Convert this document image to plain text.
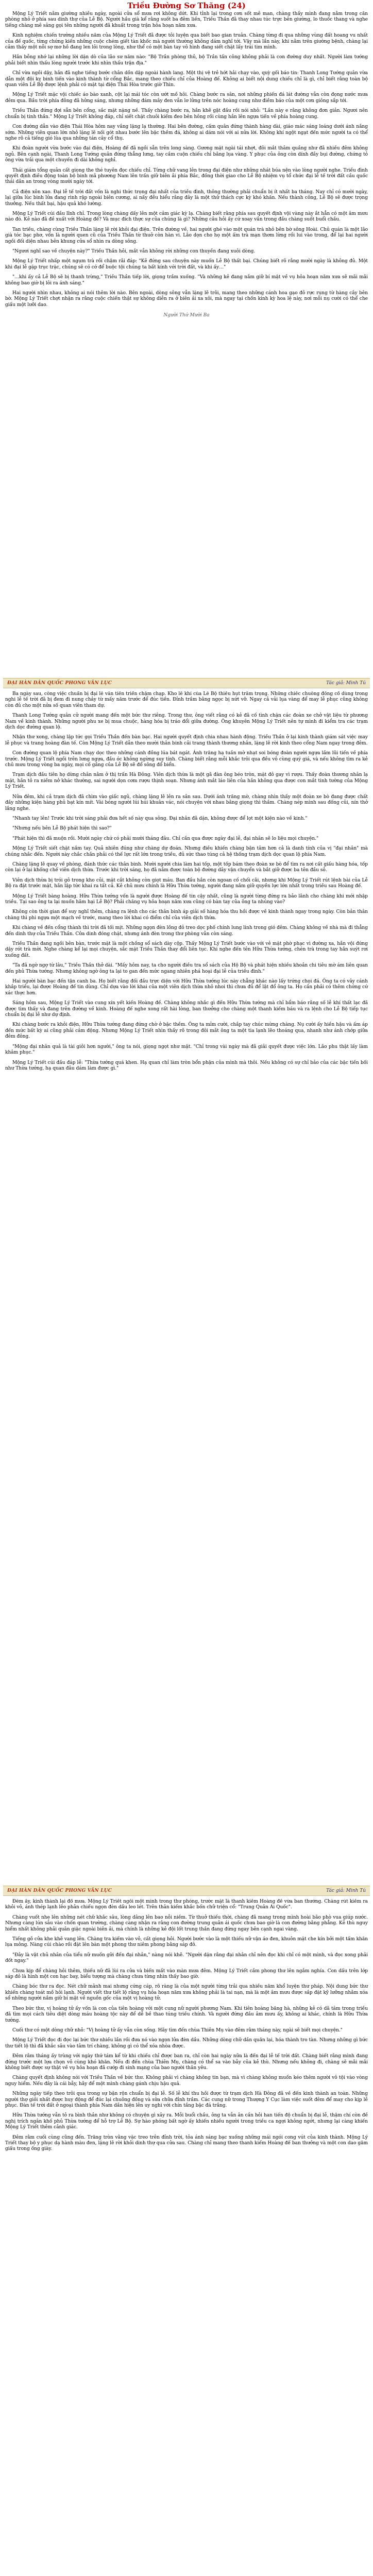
Triều Đường Sơ Thăng (24)

Mộng Lý Triết nằm giường nhiều ngày, ngoài cửa sổ mưa rơi không dứt. Khi tỉnh lại trong cơn sốt mê man, chàng thấy mình đang nằm trong căn phòng nhỏ ở phía sau dinh thự của Lễ Bộ. Người hầu già kể rằng suốt ba đêm liền, Triều Thần đã thay nhau túc trực bên giường, lo thuốc thang và nghe tiếng chàng mê sảng gọi tên những người đã khuất trong trận hỏa hoạn năm xưa.

Kinh nghiệm chiến trường nhiều năm của Mộng Lý Triết đã được tôi luyện qua biết bao gian truân. Chàng từng đi qua những vùng đất hoang vu nhất của đế quốc, từng chứng kiến những cuộc chém giết tàn khốc mà người thường không dám nghĩ tới. Vậy mà lần này, khi nằm trên giường bệnh, chàng lại cảm thấy một nỗi sợ mơ hồ đang len lỏi trong lòng, như thể có một bàn tay vô hình đang siết chặt lấy trái tim mình.

Hắn bỗng nhớ lại những lời dặn dò của lão sư năm nào: "Bộ Trần phòng thủ, bộ Trần tấn công không phải là con đường duy nhất. Người làm tướng phải biết nhìn thấu lòng người trước khi nhìn thấu trận địa."

Chỉ vừa ngồi dậy, hắn đã nghe tiếng bước chân dồn dập ngoài hành lang. Một thị vệ trẻ hớt hải chạy vào, quỳ gối báo tin: Thanh Long Tướng quân vừa dẫn một đội kỵ binh tiến vào kinh thành từ cổng Bắc, mang theo chiếu chỉ của Hoàng đế. Không ai biết nội dung chiếu chỉ là gì, chỉ biết rằng toàn bộ quan viên Lễ Bộ được lệnh phải có mặt tại điện Thái Hòa trước giờ Thìn.

Mộng Lý Triết mặc vội chiếc áo bào xanh, cột lại mái tóc còn ướt mồ hôi. Chàng bước ra sân, nơi những phiến đá lát đường vẫn còn đọng nước mưa đêm qua. Bầu trời phía đông đã hửng sáng, nhưng những đám mây đen vẫn lơ lửng trên nóc hoàng cung như điềm báo của một cơn giông sắp tới.

Triều Thần đứng đợi sẵn bên cổng, sắc mặt nặng nề. Thấy chàng bước ra, hắn khẽ gật đầu rồi nói nhỏ: "Lần này e rằng không đơn giản. Ngươi nên chuẩn bị tinh thần." Mộng Lý Triết không đáp, chỉ siết chặt chuôi kiếm đeo bên hông rồi cùng hắn lên ngựa tiến về phía hoàng cung.

Con đường dẫn vào điện Thái Hòa hôm nay vắng lặng lạ thường. Hai bên đường, cấm quân đứng thành hàng dài, giáo mác sáng loáng dưới ánh nắng sớm. Những viên quan lớn nhỏ lặng lẽ nối gót nhau bước lên bậc thềm đá, không ai dám nói với ai nửa lời. Không khí ngột ngạt đến mức người ta có thể nghe rõ cả tiếng gió lùa qua những tán cây cổ thụ.

Khi đoàn người vừa bước vào đại điện, Hoàng đế đã ngồi sẵn trên long sàng. Gương mặt ngài tái nhợt, đôi mắt thâm quầng như đã nhiều đêm không ngủ. Bên cạnh ngài, Thanh Long Tướng quân đứng thẳng lưng, tay cầm cuộn chiếu chỉ bằng lụa vàng. Y phục của ông còn dính đầy bụi đường, chứng tỏ ông vừa trải qua một chuyến đi dài không nghỉ.

Thái giám tổng quản cất giọng the thé tuyên đọc chiếu chỉ. Từng chữ vang lên trong đại điện như những nhát búa nện vào lòng người nghe. Triều đình quyết định điều động toàn bộ binh mã phương Nam lên trấn giữ biên ải phía Bắc, đồng thời giao cho Lễ Bộ nhiệm vụ tổ chức đại lễ tế trời đất cầu quốc thái dân an trong vòng mười ngày tới.

Cả điện xôn xao. Đại lễ tế trời đất vốn là nghi thức trọng đại nhất của triều đình, thông thường phải chuẩn bị ít nhất ba tháng. Nay chỉ có mười ngày, lại giữa lúc binh lửa đang rình rập ngoài biên cương, ai nấy đều hiểu rằng đây là một thử thách cực kỳ khó khăn. Nếu thành công, Lễ Bộ sẽ được trọng thưởng. Nếu thất bại, hậu quả khó lường.

Mộng Lý Triết cúi đầu lĩnh chỉ. Trong lòng chàng dấy lên một cảm giác kỳ lạ. Chàng biết rằng phía sau quyết định vội vàng này ắt hẳn có một âm mưu nào đó. Kẻ nào đã đề xuất với Hoàng đế? Và mục đích thực sự của chúng là gì? Những câu hỏi ấy cứ xoay vần trong đầu chàng suốt buổi chầu.

Tan triều, chàng cùng Triều Thần lặng lẽ rời khỏi đại điện. Trên đường về, hai người ghé vào một quán trà nhỏ bên bờ sông Hoài. Chủ quán là một lão già tóc bạc phơ, vốn là người quen cũ của Triều Thần từ thuở còn hàn vi. Lão dọn cho họ một ấm trà mạn thơm lừng rồi lui vào trong, để lại hai người ngồi đối diện nhau bên khung cửa sổ nhìn ra dòng sông.

"Ngươi nghĩ sao về chuyện này?" Triều Thần hỏi, mắt vẫn không rời những con thuyền đang xuôi dòng.

Mộng Lý Triết nhấp một ngụm trà rồi chậm rãi đáp: "Kẻ đứng sau chuyện này muốn Lễ Bộ thất bại. Chúng biết rõ rằng mười ngày là không đủ. Một khi đại lễ gặp trục trặc, chúng sẽ có cớ để buộc tội chúng ta bất kính với trời đất, và khi ấy…"

"…khi ấy cả Lễ Bộ sẽ bị thanh trừng," Triều Thần tiếp lời, giọng trầm xuống. "Và những kẻ đang nắm giữ bí mật về vụ hỏa hoạn năm xưa sẽ mãi mãi không bao giờ bị lôi ra ánh sáng."

Hai người nhìn nhau, không ai nói thêm lời nào. Bên ngoài, dòng sông vẫn lặng lẽ trôi, mang theo những cánh hoa gạo đỏ rực rụng từ hàng cây bên bờ. Mộng Lý Triết chợt nhận ra rằng cuộc chiến thật sự không diễn ra ở biên ải xa xôi, mà ngay tại chốn kinh kỳ hoa lệ này, nơi mỗi nụ cười có thể che giấu một lưỡi dao.

Người Thứ Mười Ba
ĐẠI HÀN DÂN QUỐC PHONG VÂN LỤC	Tác giả: Minh Tú

Ba ngày sau, công việc chuẩn bị đại lễ vẫn tiến triển chậm chạp. Kho lễ khí của Lễ Bộ thiếu hụt trầm trọng. Những chiếc chuông đồng cổ dùng trong nghi lễ tế trời đã bị đem đi nung chảy từ mấy năm trước để đúc tiền. Đỉnh trầm bằng ngọc bị nứt vỡ. Ngay cả vải lụa vàng để may lễ phục cũng không còn đủ cho một nửa số quan viên tham dự.

Thanh Long Tướng quân cử người mang đến một bức thư riêng. Trong thư, ông viết rằng có kẻ đã cố tình chặn các đoàn xe chở vật liệu từ phương Nam về kinh thành. Những người phu xe bị mua chuộc, hàng hóa bị tráo đổi giữa đường. Ông khuyên Mộng Lý Triết nên tự mình đi kiểm tra các trạm dịch dọc đường quan lộ.

Nhận thư xong, chàng lập tức gọi Triều Thần đến bàn bạc. Hai người quyết định chia nhau hành động. Triều Thần ở lại kinh thành giám sát việc may lễ phục và trang hoàng đàn tế. Còn Mộng Lý Triết dẫn theo mười thân binh cải trang thành thương nhân, lặng lẽ rời kinh theo cổng Nam ngay trong đêm.

Con đường quan lộ phía Nam chạy dọc theo những cánh đồng lúa bát ngát. Ánh trăng hạ tuần mờ nhạt soi bóng đoàn người ngựa lầm lũi tiến về phía trước. Mộng Lý Triết ngồi trên lưng ngựa, đầu óc không ngừng suy tính. Chàng biết rằng mỗi khắc trôi qua đều vô cùng quý giá, và nếu không tìm ra kẻ chủ mưu trong vòng ba ngày, mọi cố gắng của Lễ Bộ sẽ đổ sông đổ biển.

Trạm dịch đầu tiên họ dừng chân nằm ở thị trấn Hà Đông. Viên dịch thừa là một gã đàn ông béo tròn, mặt đỏ gay vì rượu. Thấy đoàn thương nhân lạ mặt, hắn tỏ ra niềm nở khác thường, sai người dọn cơm rượu thịnh soạn. Nhưng ánh mắt láo liên của hắn không qua được con mắt tinh tường của Mộng Lý Triết.

Nửa đêm, khi cả trạm dịch đã chìm vào giấc ngủ, chàng lặng lẽ lẻn ra sân sau. Dưới ánh trăng mờ, chàng nhìn thấy một đoàn xe bò đang được chất đầy những kiện hàng phủ bạt kín mít. Vài bóng người lúi húi khuân vác, nói chuyện với nhau bằng giọng thì thầm. Chàng nép mình sau đống củi, nín thở lắng nghe.

"Nhanh tay lên! Trước khi trời sáng phải đưa hết số này qua sông. Đại nhân đã dặn, không được để lọt một kiện nào về kinh."

"Nhưng nếu bên Lễ Bộ phát hiện thì sao?"

"Phát hiện thì đã muộn rồi. Mười ngày chứ có phải mười tháng đâu. Chỉ cần qua được ngày đại lễ, đại nhân sẽ lo liệu mọi chuyện."

Mộng Lý Triết siết chặt nắm tay. Quả nhiên đúng như chàng dự đoán. Nhưng điều khiến chàng bận tâm hơn cả là danh tính của vị "đại nhân" mà chúng nhắc đến. Người này chắc chắn phải có thế lực rất lớn trong triều, đủ sức thao túng cả hệ thống trạm dịch dọc quan lộ phía Nam.

Chàng lặng lẽ quay về phòng, đánh thức các thân binh. Mười người chia làm hai tốp, một tốp bám theo đoàn xe bò để tìm ra nơi cất giấu hàng hóa, tốp còn lại ở lại khống chế viên dịch thừa. Trước khi trời sáng, họ đã nắm được toàn bộ đường dây vận chuyển và bắt giữ được ba tên đầu sỏ.

Viên dịch thừa bị trói gô trong kho củi, mặt cắt không còn giọt máu. Ban đầu hắn còn ngoan cố chối cãi, nhưng khi Mộng Lý Triết rút lệnh bài của Lễ Bộ ra đặt trước mặt, hắn lập tức khai ra tất cả. Kẻ chủ mưu chính là Hữu Thừa tướng, người đang nắm giữ quyền lực lớn nhất trong triều sau Hoàng đế.

Mộng Lý Triết bàng hoàng. Hữu Thừa tướng vốn là người được Hoàng đế tin cậy nhất, cũng là người từng đứng ra bảo lãnh cho chàng khi mới nhập triều. Tại sao ông ta lại muốn hãm hại Lễ Bộ? Phải chăng vụ hỏa hoạn năm xưa cũng có bàn tay của ông ta nhúng vào?

Không còn thời gian để suy nghĩ thêm, chàng ra lệnh cho các thân binh áp giải số hàng hóa thu hồi được về kinh thành ngay trong ngày. Còn bản thân chàng thì phi ngựa một mạch về trước, mang theo lời khai có điểm chỉ của viên dịch thừa.

Khi chàng về đến cổng thành thì trời đã tối mịt. Những ngọn đèn lồng đỏ treo dọc phố chính lung linh trong gió đêm. Chàng không về nhà mà đi thẳng đến dinh thự của Triều Thần. Cửa dinh đóng chặt, nhưng ánh đèn trong thư phòng vẫn còn sáng.

Triều Thần đang ngồi bên bàn, trước mặt là một chồng sổ sách dày cộp. Thấy Mộng Lý Triết bước vào với vẻ mặt phờ phạc vì đường xa, hắn vội đứng dậy rót trà mời. Nghe chàng kể lại mọi chuyện, sắc mặt Triều Thần thay đổi liên tục. Khi nghe đến tên Hữu Thừa tướng, chén trà trong tay hắn suýt rơi xuống đất.

"Ta đã ngờ ngợ từ lâu," Triều Thần thở dài. "Mấy hôm nay, ta cho người điều tra sổ sách của Hộ Bộ và phát hiện nhiều khoản chi tiêu mờ ám liên quan đến phủ Thừa tướng. Nhưng không ngờ ông ta lại to gan đến mức ngang nhiên phá hoại đại lễ của triều đình."

Hai người bàn bạc đến tận canh ba. Họ biết rằng đối đầu trực diện với Hữu Thừa tướng lúc này chẳng khác nào lấy trứng chọi đá. Ông ta có vây cánh khắp triều, lại được Hoàng đế tin dùng. Chỉ dựa vào lời khai của một viên dịch thừa nhỏ nhoi thì chưa đủ để lật đổ ông ta. Họ cần phải có thêm chứng cứ xác thực hơn.

Sáng hôm sau, Mộng Lý Triết vào cung xin yết kiến Hoàng đế. Chàng không nhắc gì đến Hữu Thừa tướng mà chỉ bẩm báo rằng số lễ khí thất lạc đã được tìm thấy và đang trên đường về kinh. Hoàng đế nghe xong rất hài lòng, ban thưởng cho chàng một thanh kiếm báu và ra lệnh cho Lễ Bộ tiếp tục chuẩn bị đại lễ như dự định.

Khi chàng bước ra khỏi điện, Hữu Thừa tướng đang đứng chờ ở bậc thềm. Ông ta mỉm cười, chắp tay chúc mừng chàng. Nụ cười ấy hiền hậu và ấm áp đến mức bất kỳ ai cũng phải cảm động. Nhưng Mộng Lý Triết nhìn thấy rõ trong đôi mắt ông ta một tia lạnh lẽo thoáng qua, nhanh như ánh chớp giữa đêm đông.

"Mộng đại nhân quả là tài giỏi hơn người," ông ta nói, giọng ngọt như mật. "Chỉ trong vài ngày mà đã giải quyết được việc lớn. Lão phu thật lấy làm khâm phục."

Mộng Lý Triết cúi đầu đáp lễ: "Thừa tướng quá khen. Hạ quan chỉ làm tròn bổn phận của mình mà thôi. Nếu không có sự chỉ bảo của các bậc tiền bối như Thừa tướng, hạ quan đâu dám làm được gì."

ĐẠI HÀN DÂN QUỐC PHONG VÂN LỤC	Tác giả: Minh Tú

Đêm ấy, kinh thành lại đổ mưa. Mộng Lý Triết ngồi một mình trong thư phòng, trước mặt là thanh kiếm Hoàng đế vừa ban thưởng. Chàng rút kiếm ra khỏi vỏ, ánh thép lạnh lẽo phản chiếu ngọn đèn dầu leo lét. Trên thân kiếm khắc bốn chữ triện cổ: "Trung Quân Ái Quốc".

Chàng vuốt nhẹ lên những nét chữ khắc sâu, lòng dâng lên bao nỗi niềm. Từ thuở thiếu thời, chàng đã mang trong mình hoài bão phò vua giúp nước. Nhưng càng lún sâu vào chốn quan trường, chàng càng nhận ra rằng con đường trung quân ái quốc chưa bao giờ là con đường bằng phẳng. Kẻ thù nguy hiểm nhất không phải quân giặc ngoài biên ải, mà chính là những kẻ đội lốt trung thần đang đứng ngay bên cạnh ngai vàng.

Tiếng gõ cửa khe khẽ vang lên. Chàng tra kiếm vào vỏ, cất giọng hỏi. Người bước vào là một thiếu nữ vận áo đen, khuôn mặt che kín bởi một tấm khăn lụa mỏng. Nàng cúi chào rồi đặt lên bàn một phong thư niêm phong bằng sáp đỏ.

"Đây là vật chủ nhân của tiểu nữ muốn gửi đến đại nhân," nàng nói khẽ. "Người dặn rằng đại nhân chỉ nên đọc khi chỉ có một mình, và đọc xong phải đốt ngay."

Chưa kịp để chàng hỏi thêm, thiếu nữ đã lùi ra cửa và biến mất vào màn mưa đêm. Mộng Lý Triết cầm phong thư lên ngắm nghía. Con dấu trên lớp sáp đỏ là hình một con hạc bay, biểu tượng mà chàng chưa từng nhìn thấy bao giờ.

Chàng bóc thư ra đọc. Nét chữ mảnh mai nhưng cứng cáp, rõ ràng là của một người từng trải qua nhiều năm khổ luyện thư pháp. Nội dung bức thư khiến chàng toát mồ hôi lạnh. Người viết thư tiết lộ rằng vụ hỏa hoạn năm xưa không phải là tai nạn, mà là một âm mưu được sắp đặt kỹ lưỡng nhằm xóa sổ những người nắm giữ bí mật về nguồn gốc của một vị hoàng tử.

Theo bức thư, vị hoàng tử ấy vốn là con của tiên hoàng với một cung nữ người phương Nam. Khi tiên hoàng băng hà, những kẻ có dã tâm trong triều đã tìm mọi cách tiêu diệt dòng máu hoàng tộc này để dễ bề thao túng triều chính. Và người đứng đầu âm mưu ấy, không ai khác, chính là Hữu Thừa tướng.

Cuối thư có một dòng chữ nhỏ: "Vị hoàng tử ấy vẫn còn sống. Hãy tìm đến chùa Thiên Mụ vào đêm rằm tháng này, ngài sẽ biết mọi chuyện."

Mộng Lý Triết đọc đi đọc lại bức thư nhiều lần rồi đưa nó vào ngọn lửa đèn dầu. Những dòng chữ dần quăn lại, hóa thành tro tàn. Nhưng những gì bức thư tiết lộ thì đã khắc sâu vào tâm trí chàng, không gì có thể xóa nhòa được.

Đêm rằm tháng ấy trùng với ngày thứ tám kể từ khi chiếu chỉ được ban ra, chỉ còn hai ngày nữa là đến đại lễ tế trời đất. Chàng biết rằng mình đang đứng trước một lựa chọn vô cùng khó khăn. Nếu đi đến chùa Thiên Mụ, chàng có thể sa vào bẫy của kẻ thù. Nhưng nếu không đi, chàng sẽ mãi mãi không biết được sự thật về vụ hỏa hoạn đã cướp đi sinh mạng của bao người thân yêu.

Chàng quyết định không nói với Triều Thần về bức thư. Không phải vì chàng không tin bạn, mà vì chàng không muốn kéo thêm người vô tội vào vòng nguy hiểm. Nếu đây là cái bẫy, hãy để một mình chàng gánh chịu hậu quả.

Những ngày tiếp theo trôi qua trong sự bận rộn chuẩn bị đại lễ. Số lễ khí thu hồi được từ trạm dịch Hà Đông đã về đến kinh thành an toàn. Những người thợ giỏi nhất được huy động để đúc lại chuông đồng và sửa chữa đỉnh trầm. Các cung nữ trong Thượng Y Cục làm việc suốt đêm để may cho kịp lễ phục. Đàn tế trời đất ở ngoại thành phía Nam dần hiện lên uy nghi với chín tầng bậc đá trắng.

Hữu Thừa tướng vẫn tỏ ra bình thản như không có chuyện gì xảy ra. Mỗi buổi chầu, ông ta vẫn ân cần hỏi han tiến độ chuẩn bị đại lễ, thậm chí còn đề nghị trích ngân khố phủ Thừa tướng để hỗ trợ Lễ Bộ. Sự hào phóng bất ngờ ấy khiến nhiều người trong triều ca ngợi không ngớt, nhưng lại càng khiến Mộng Lý Triết thêm cảnh giác.

Đêm rằm cuối cùng cũng đến. Trăng tròn vằng vặc treo trên đỉnh trời, tỏa ánh sáng bạc xuống những mái ngói cong vút của kinh thành. Mộng Lý Triết thay bộ y phục dạ hành màu đen, lặng lẽ rời khỏi dinh thự qua cửa sau. Chàng chỉ mang theo thanh kiếm Hoàng đế ban thưởng và một con dao găm giấu trong ống giày.
